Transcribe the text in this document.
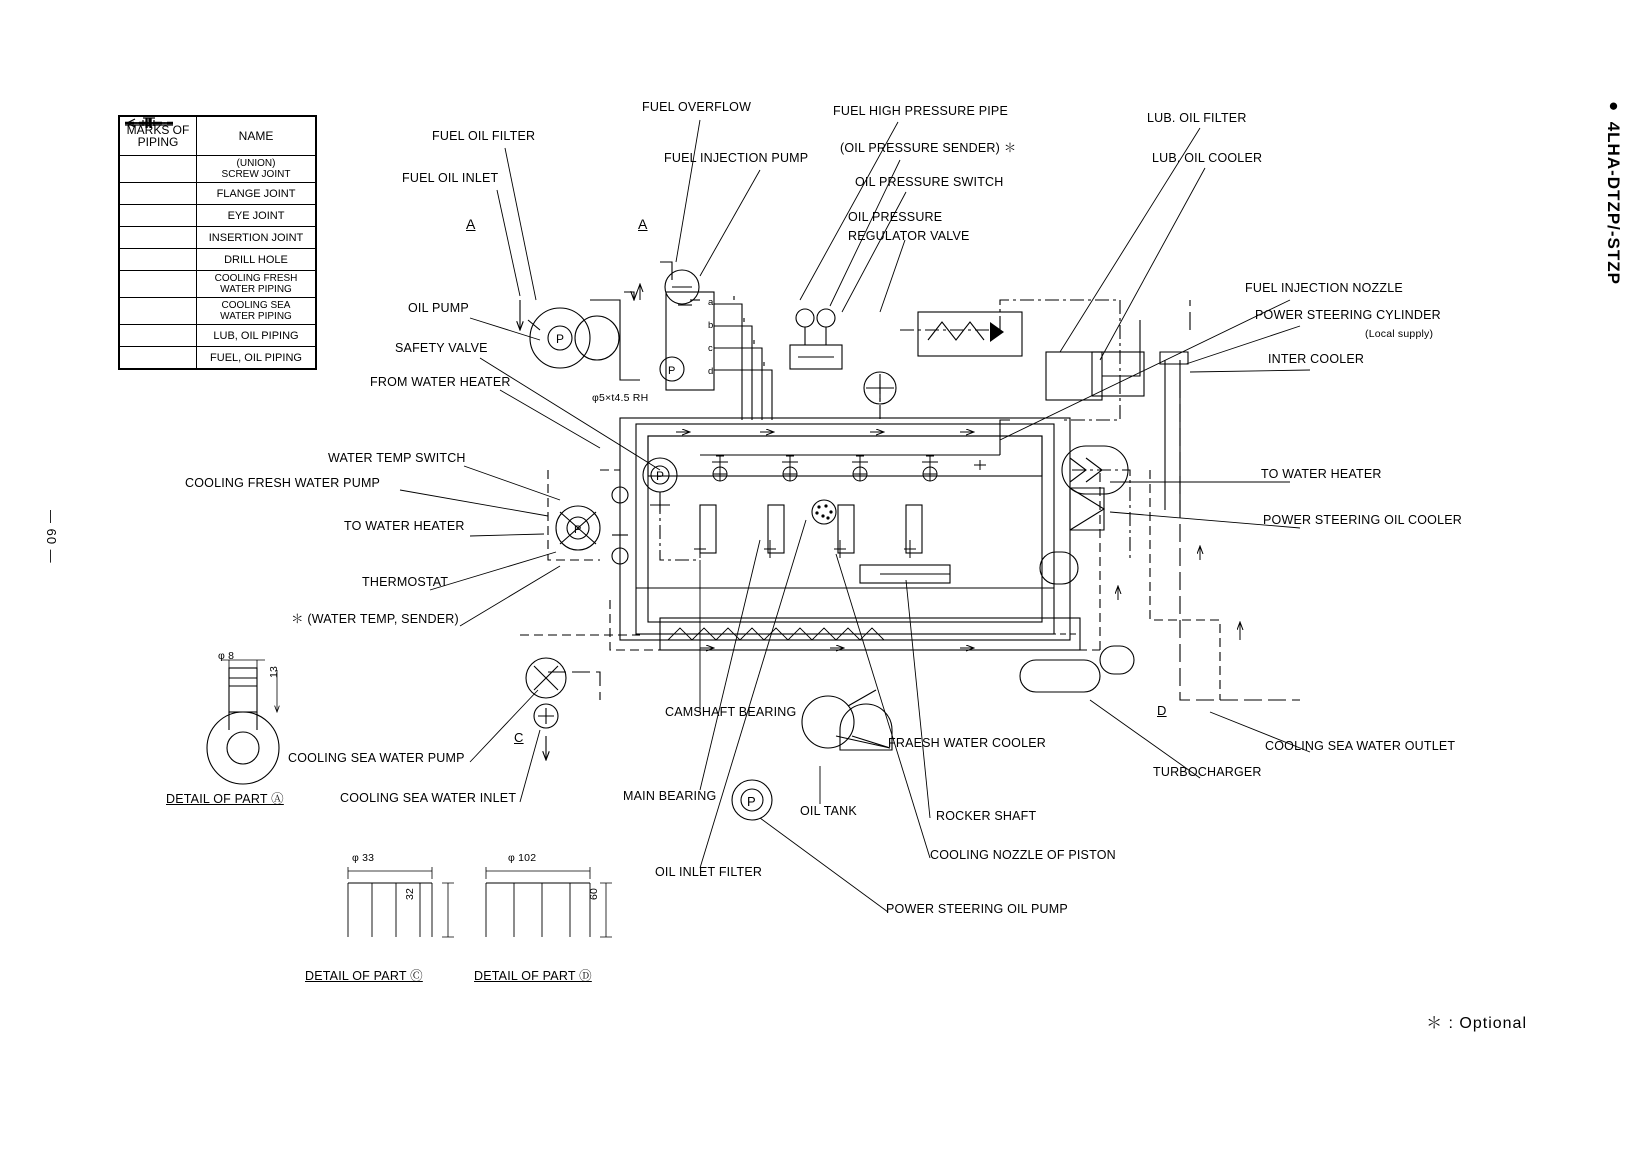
MARKS OF PIPING	NAME

	(UNION)
SCREW JOINT

	FLANGE JOINT

	EYE JOINT

	INSERTION JOINT

	DRILL HOLE

	COOLING FRESH
WATER PIPING

	COOLING SEA
WATER PIPING

	LUB, OIL PIPING

	FUEL, OIL PIPING
P
P
P
P
P
FUEL OIL FILTER
FUEL OIL INLET
FUEL OVERFLOW
FUEL INJECTION PUMP
FUEL HIGH PRESSURE PIPE
(OIL PRESSURE SENDER) ＊
OIL PRESSURE SWITCH
OIL PRESSURE
REGULATOR VALVE
LUB. OIL FILTER
LUB. OIL COOLER
FUEL INJECTION NOZZLE
POWER STEERING CYLINDER
(Local supply)
INTER COOLER
TO WATER HEATER
POWER STEERING OIL COOLER
COOLING SEA WATER OUTLET
TURBOCHARGER
OIL PUMP
SAFETY VALVE
FROM WATER HEATER
WATER TEMP SWITCH
COOLING FRESH WATER PUMP
TO WATER HEATER
THERMOSTAT
＊ (WATER TEMP, SENDER)
COOLING SEA WATER PUMP
COOLING SEA WATER INLET
CAMSHAFT BEARING
MAIN BEARING
OIL INLET FILTER
OIL TANK
FRAESH WATER COOLER
ROCKER SHAFT
COOLING NOZZLE OF PISTON
POWER STEERING OIL PUMP
φ5×t4.5 RH
A	A
C
D
a
b
c
d
φ 8
13
DETAIL OF PART Ⓐ
φ 33
32
DETAIL OF PART Ⓒ
φ 102
60
DETAIL OF PART Ⓓ
● 4LHA-DTZP/-STZP
— 60 —
＊ : Optional
